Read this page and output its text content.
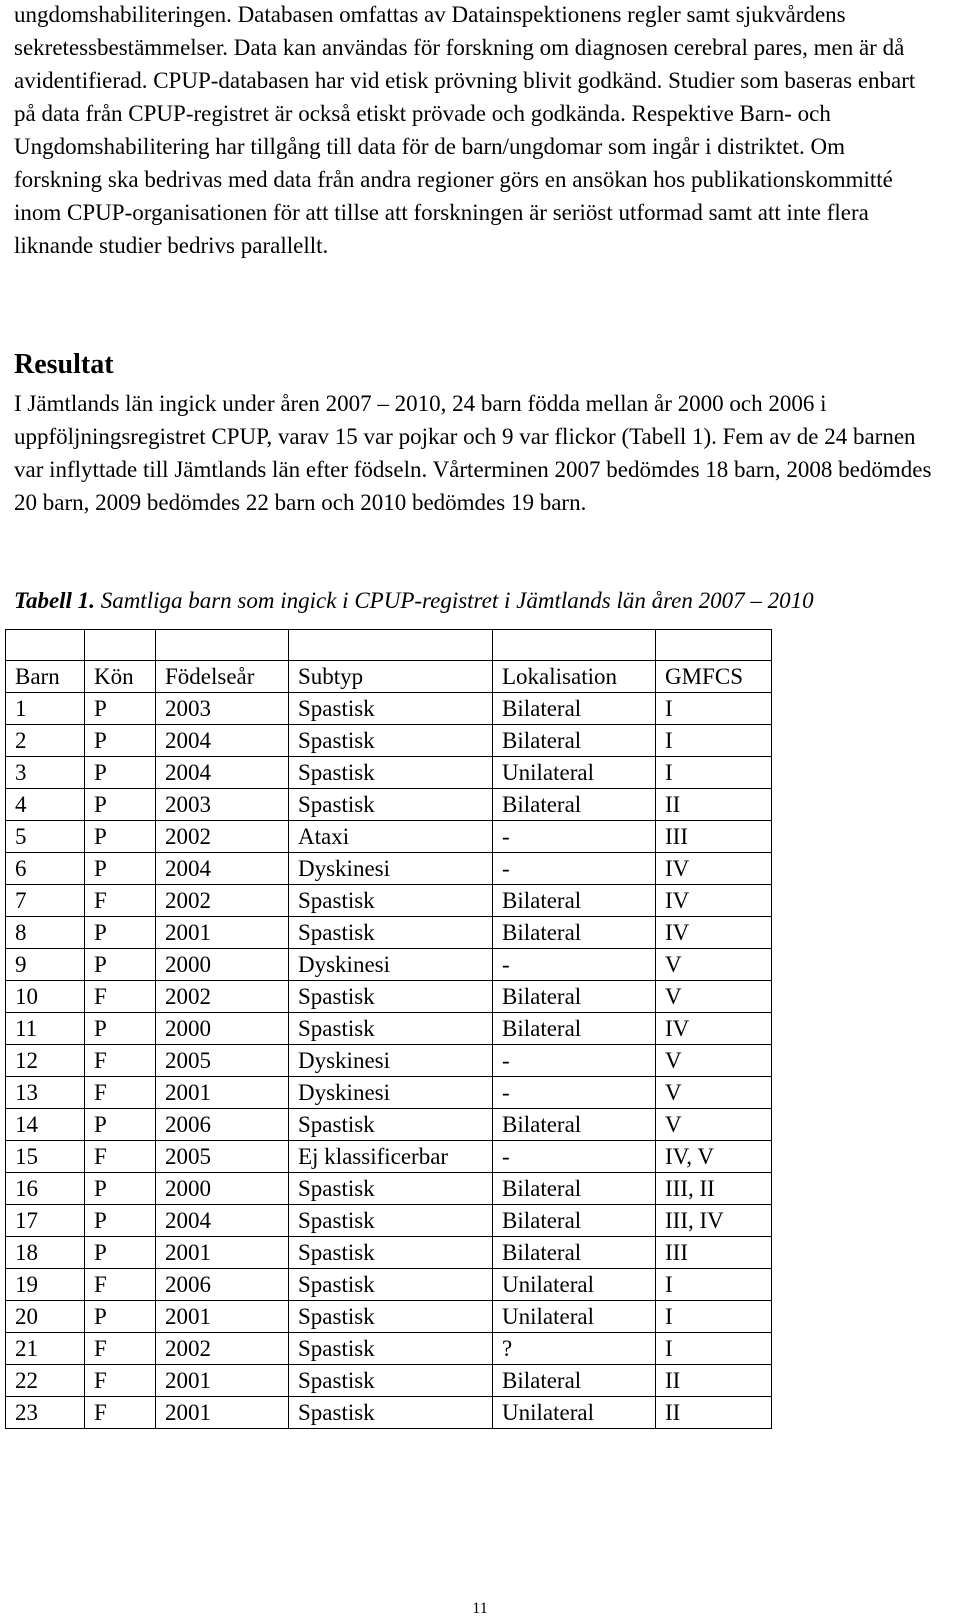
ungdomshabiliteringen. Databasen omfattas av Datainspektionens regler samt sjukvårdens sekretessbestämmelser. Data kan användas för forskning om diagnosen cerebral pares, men är då avidentifierad. CPUP-databasen har vid etisk prövning blivit godkänd. Studier som baseras enbart på data från CPUP-registret är också etiskt prövade och godkända. Respektive Barn- och Ungdomshabilitering har tillgång till data för de barn/ungdomar som ingår i distriktet. Om forskning ska bedrivas med data från andra regioner görs en ansökan hos publikationskommitté inom CPUP-organisationen för att tillse att forskningen är seriöst utformad samt att inte flera liknande studier bedrivs parallellt.

Resultat

I Jämtlands län ingick under åren 2007 – 2010, 24 barn födda mellan år 2000 och 2006 i uppföljningsregistret CPUP, varav 15 var pojkar och 9 var flickor (Tabell 1). Fem av de 24 barnen var inflyttade till Jämtlands län efter födseln. Vårterminen 2007 bedömdes 18 barn, 2008 bedömdes 20 barn, 2009 bedömdes 22 barn och 2010 bedömdes 19 barn.

Tabell 1. Samtliga barn som ingick i CPUP-registret i Jämtlands län åren 2007 – 2010

Barn	Kön	Födelseår	Subtyp	Lokalisation	GMFCS
1	P	2003	Spastisk	Bilateral	I
2	P	2004	Spastisk	Bilateral	I
3	P	2004	Spastisk	Unilateral	I
4	P	2003	Spastisk	Bilateral	II
5	P	2002	Ataxi	-	III
6	P	2004	Dyskinesi	-	IV
7	F	2002	Spastisk	Bilateral	IV
8	P	2001	Spastisk	Bilateral	IV
9	P	2000	Dyskinesi	-	V
10	F	2002	Spastisk	Bilateral	V
11	P	2000	Spastisk	Bilateral	IV
12	F	2005	Dyskinesi	-	V
13	F	2001	Dyskinesi	-	V
14	P	2006	Spastisk	Bilateral	V
15	F	2005	Ej klassificerbar	-	IV, V
16	P	2000	Spastisk	Bilateral	III, II
17	P	2004	Spastisk	Bilateral	III, IV
18	P	2001	Spastisk	Bilateral	III
19	F	2006	Spastisk	Unilateral	I
20	P	2001	Spastisk	Unilateral	I
21	F	2002	Spastisk	?	I
22	F	2001	Spastisk	Bilateral	II
23	F	2001	Spastisk	Unilateral	II
11
